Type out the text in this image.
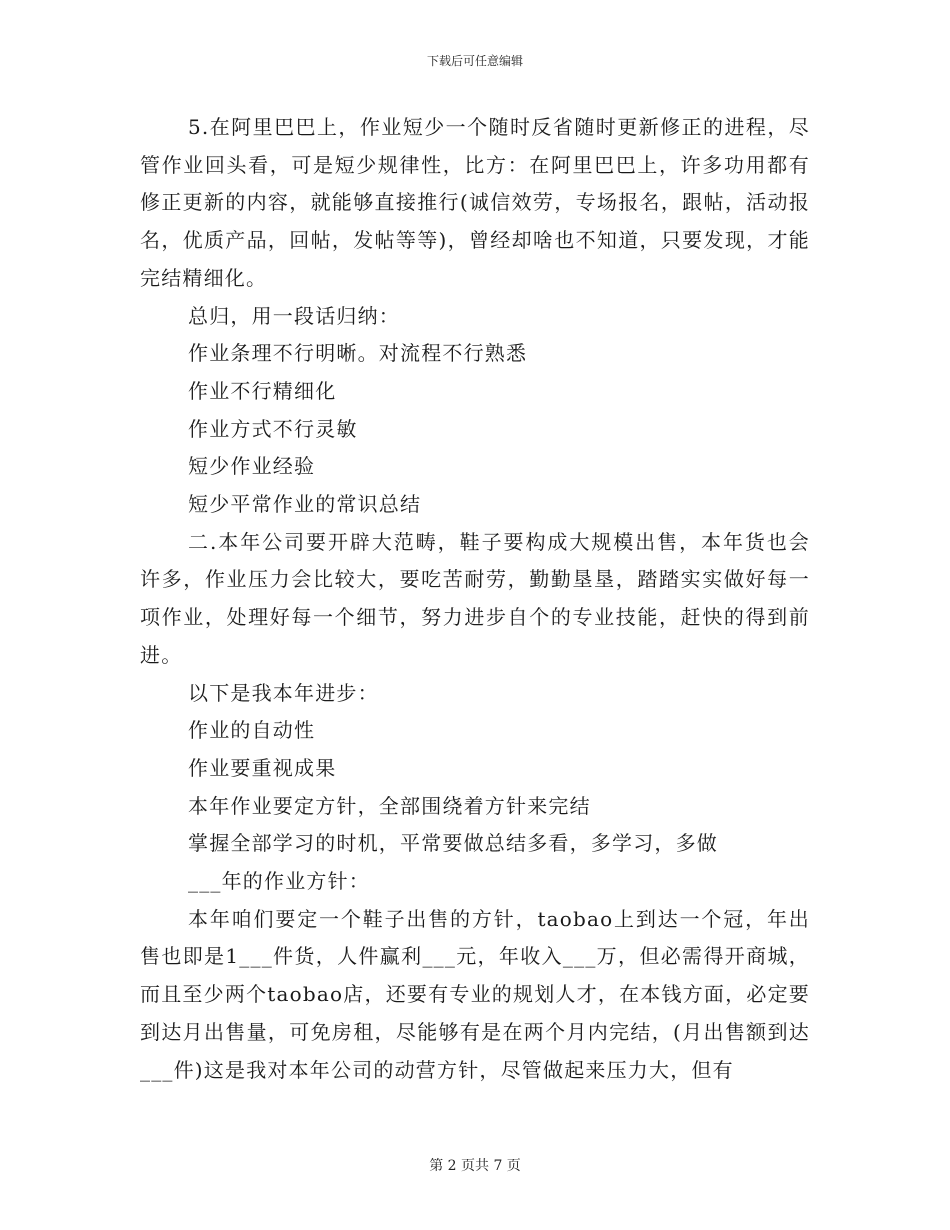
下载后可任意编辑

5.在阿里巴巴上，作业短少一个随时反省随时更新修正的进程，尽管作业回头看，可是短少规律性，比方：在阿里巴巴上，许多功用都有修正更新的内容，就能够直接推行(诚信效劳，专场报名，跟帖，活动报名，优质产品，回帖，发帖等等)，曾经却啥也不知道，只要发现，才能完结精细化。

总归，用一段话归纳：

作业条理不行明晰。对流程不行熟悉

作业不行精细化

作业方式不行灵敏

短少作业经验

短少平常作业的常识总结

二.本年公司要开辟大范畴，鞋子要构成大规模出售，本年货也会许多，作业压力会比较大，要吃苦耐劳，勤勤垦垦，踏踏实实做好每一项作业，处理好每一个细节，努力进步自个的专业技能，赶快的得到前进。

以下是我本年进步：

作业的自动性

作业要重视成果

本年作业要定方针，全部围绕着方针来完结

掌握全部学习的时机，平常要做总结多看，多学习，多做

___年的作业方针：

本年咱们要定一个鞋子出售的方针，taobao上到达一个冠，年出售也即是1___件货，人件赢利___元，年收入___万，但必需得开商城，而且至少两个taobao店，还要有专业的规划人才，在本钱方面，必定要到达月出售量，可免房租，尽能够有是在两个月内完结，(月出售额到达___件)这是我对本年公司的动营方针，尽管做起来压力大，但有

第 2 页共 7 页
